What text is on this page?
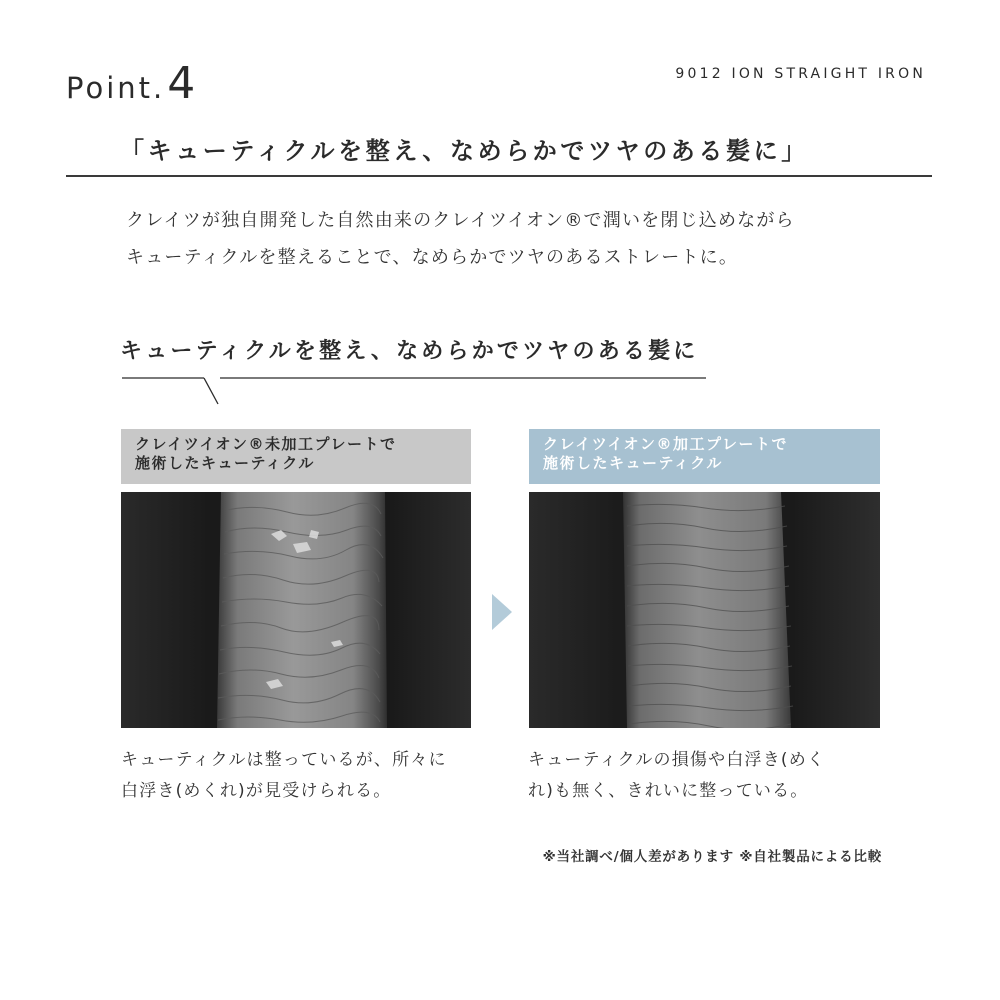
Point. 4	9012 ION STRAIGHT IRON
「キューティクルを整え、なめらかでツヤのある髪に」
クレイツが独自開発した自然由来のクレイツイオン®で潤いを閉じ込めながら
キューティクルを整えることで、なめらかでツヤのあるストレートに。
キューティクルを整え、なめらかでツヤのある髪に
クレイツイオン®未加工プレートで
施術したキューティクル
クレイツイオン®加工プレートで
施術したキューティクル
キューティクルは整っているが、所々に
白浮き(めくれ)が見受けられる。
キューティクルの損傷や白浮き(めく
れ)も無く、きれいに整っている。
※当社調べ/個人差があります ※自社製品による比較
